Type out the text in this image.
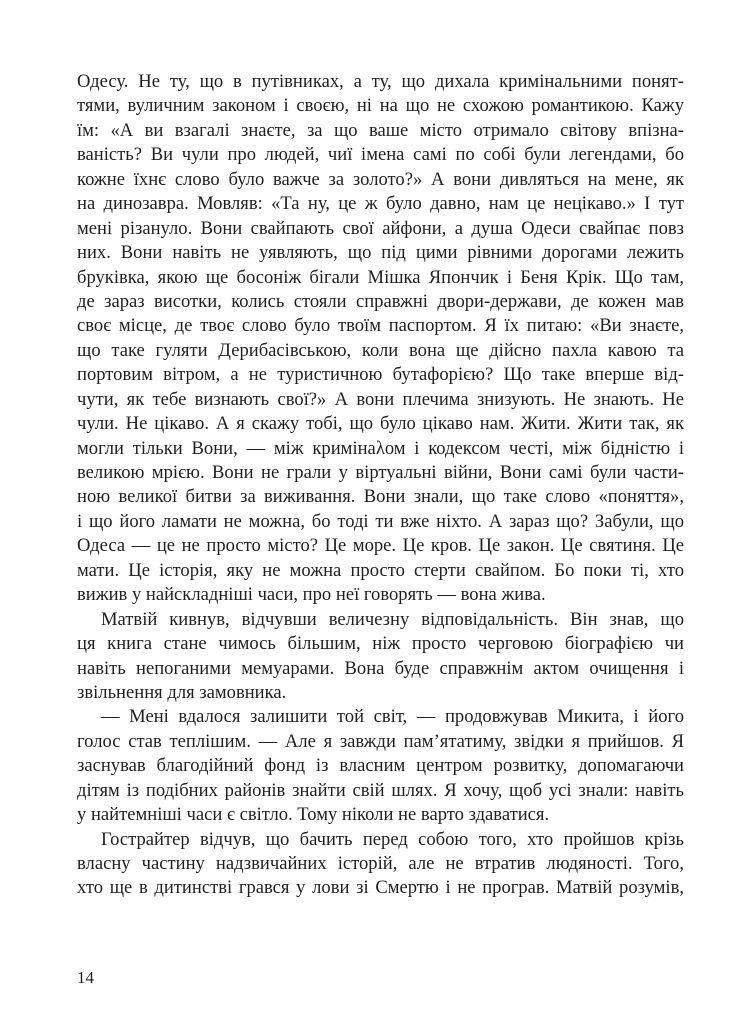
Одесу. Не ту, що в путівниках, а ту, що дихала кримінальними понят-
тями, вуличним законом і своєю, ні на що не схожою романтикою. Кажу
їм: «А ви взагалі знаєте, за що ваше місто отримало світову впізна-
ваність? Ви чули про людей, чиї імена самі по собі були легендами, бо
кожне їхнє слово було важче за золото?» А вони дивляться на мене, як
на динозавра. Мовляв: «Та ну, це ж було давно, нам це нецікаво.» І тут
мені різануло. Вони свайпають свої айфони, а душа Одеси свайпає повз
них. Вони навіть не уявляють, що під цими рівними дорогами лежить
бруківка, якою ще босоніж бігали Мішка Япончик і Беня Крік. Що там,
де зараз висотки, колись стояли справжні двори-держави, де кожен мав
своє місце, де твоє слово було твоїм паспортом. Я їх питаю: «Ви знаєте,
що таке гуляти Дерибасівською, коли вона ще дійсно пахла кавою та
портовим вітром, а не туристичною бутафорією? Що таке вперше від-
чути, як тебе визнають свої?» А вони плечима знизують. Не знають. Не
чули. Не цікаво. А я скажу тобі, що було цікаво нам. Жити. Жити так, як
могли тільки Вони, — між кримінаλом і кодексом честі, між бідністю і
великою мрією. Вони не грали у віртуальні війни, Вони самі були части-
ною великої битви за виживання. Вони знали, що таке слово «поняття»,
і що його ламати не можна, бо тоді ти вже ніхто. А зараз що? Забули, що
Одеса — це не просто місто? Це море. Це кров. Це закон. Це святиня. Це
мати. Це історія, яку не можна просто стерти свайпом. Бо поки ті, хто
вижив у найскладніші часи, про неї говорять — вона жива.
Матвій кивнув, відчувши величезну відповідальність. Він знав, що
ця книга стане чимось більшим, ніж просто черговою біографією чи
навіть непоганими мемуарами. Вона буде справжнім актом очищення і
звільнення для замовника.
— Мені вдалося залишити той світ, — продовжував Микита, і його
голос став теплішим. — Але я завжди пам’ятатиму, звідки я прийшов. Я
заснував благодійний фонд із власним центром розвитку, допомагаючи
дітям із подібних районів знайти свій шлях. Я хочу, щоб усі знали: навіть
у найтемніші часи є світло. Тому ніколи не варто здаватися.
Гострайтер відчув, що бачить перед собою того, хто пройшов крізь
власну частину надзвичайних історій, але не втратив людяності. Того,
хто ще в дитинстві грався у лови зі Смертю і не програв. Матвій розумів,
14
